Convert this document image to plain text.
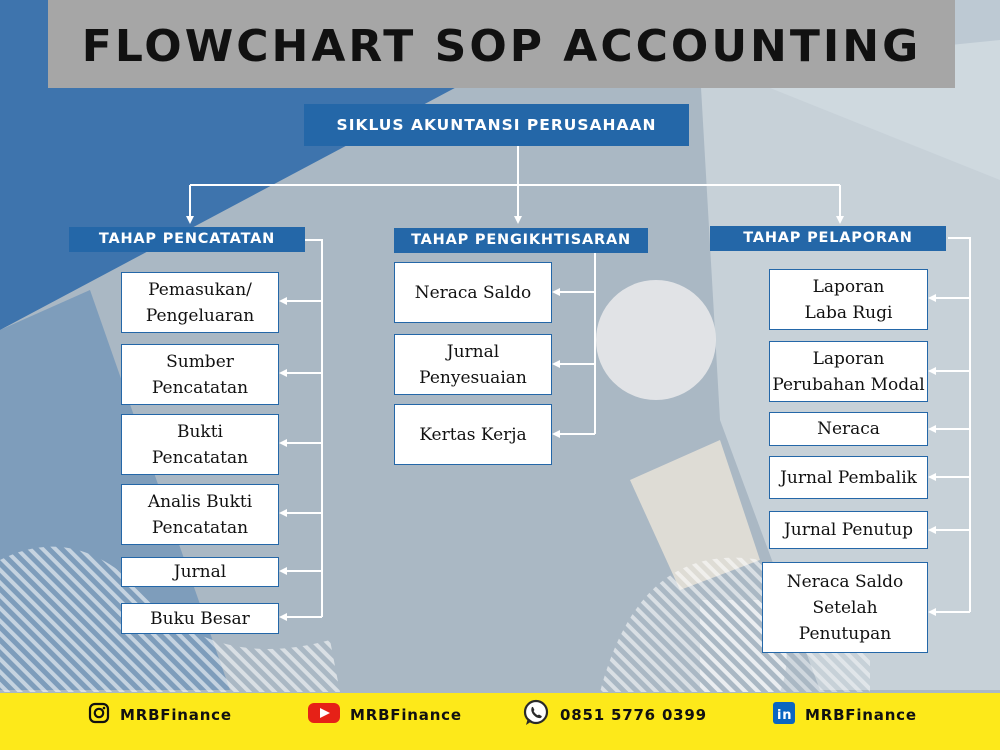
FLOWCHART SOP ACCOUNTING
SIKLUS AKUNTANSI PERUSAHAAN
TAHAP PENCATATAN	TAHAP PENGIKHTISARAN	TAHAP PELAPORAN
Pemasukan/
Pengeluaran
Sumber
Pencatatan
Bukti
Pencatatan
Analis Bukti
Pencatatan
Jurnal
Buku Besar
Neraca Saldo
Jurnal
Penyesuaian
Kertas Kerja
Laporan
Laba Rugi
Laporan
Perubahan Modal
Neraca
Jurnal Pembalik
Jurnal Penutup
Neraca Saldo
Setelah
Penutupan
MRBFinance	MRBFinance	0851 5776 0399	in MRBFinance
